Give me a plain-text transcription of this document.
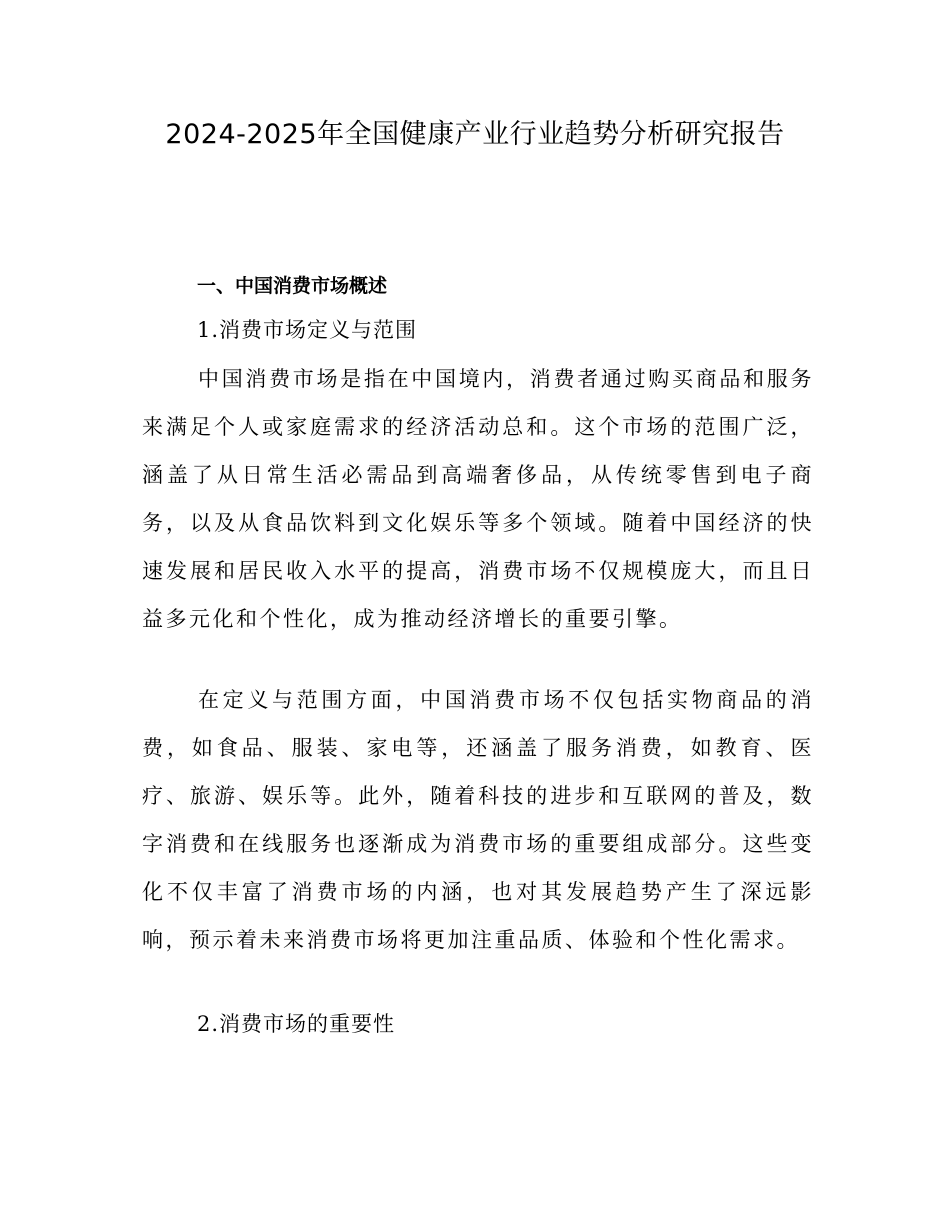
2024-2025年全国健康产业行业趋势分析研究报告
一、中国消费市场概述
1.消费市场定义与范围

中国消费市场是指在中国境内，消费者通过购买商品和服务来满足个人或家庭需求的经济活动总和。这个市场的范围广泛，涵盖了从日常生活必需品到高端奢侈品，从传统零售到电子商务，以及从食品饮料到文化娱乐等多个领域。随着中国经济的快速发展和居民收入水平的提高，消费市场不仅规模庞大，而且日益多元化和个性化，成为推动经济增长的重要引擎。

在定义与范围方面，中国消费市场不仅包括实物商品的消费，如食品、服装、家电等，还涵盖了服务消费，如教育、医疗、旅游、娱乐等。此外，随着科技的进步和互联网的普及，数字消费和在线服务也逐渐成为消费市场的重要组成部分。这些变化不仅丰富了消费市场的内涵，也对其发展趋势产生了深远影响，预示着未来消费市场将更加注重品质、体验和个性化需求。

2.消费市场的重要性
